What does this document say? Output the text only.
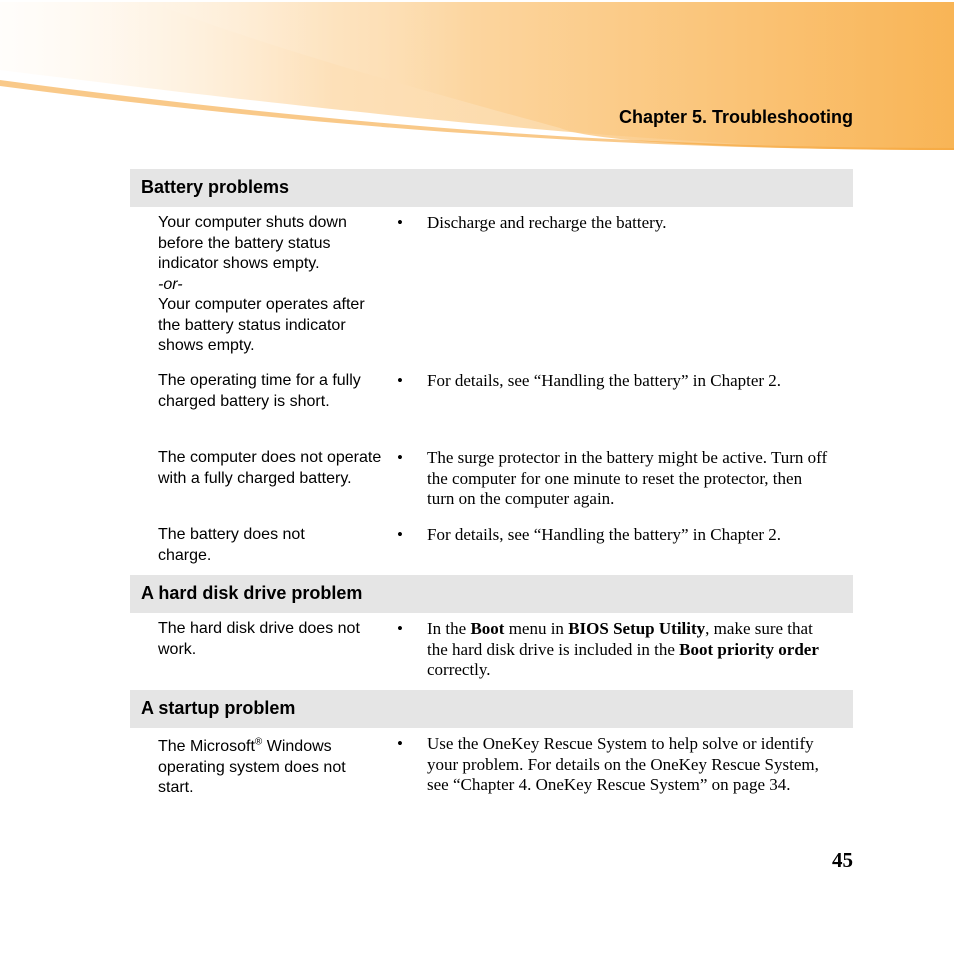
Chapter 5. Troubleshooting
Battery problems
Your computer shuts down before the battery status indicator shows empty.
-or-
Your computer operates after the battery status indicator shows empty.
• Discharge and recharge the battery.
The operating time for a fully charged battery is short.
• For details, see “Handling the battery” in Chapter 2.
The computer does not operate with a fully charged battery.
• The surge protector in the battery might be active. Turn off the computer for one minute to reset the protector, then turn on the computer again.
The battery does not charge.
• For details, see “Handling the battery” in Chapter 2.
A hard disk drive problem
The hard disk drive does not work.
• In the Boot menu in BIOS Setup Utility, make sure that the hard disk drive is included in the Boot priority order correctly.
A startup problem
The Microsoft® Windows operating system does not start.
• Use the OneKey Rescue System to help solve or identify your problem. For details on the OneKey Rescue System, see “Chapter 4. OneKey Rescue System” on page 34.
45
